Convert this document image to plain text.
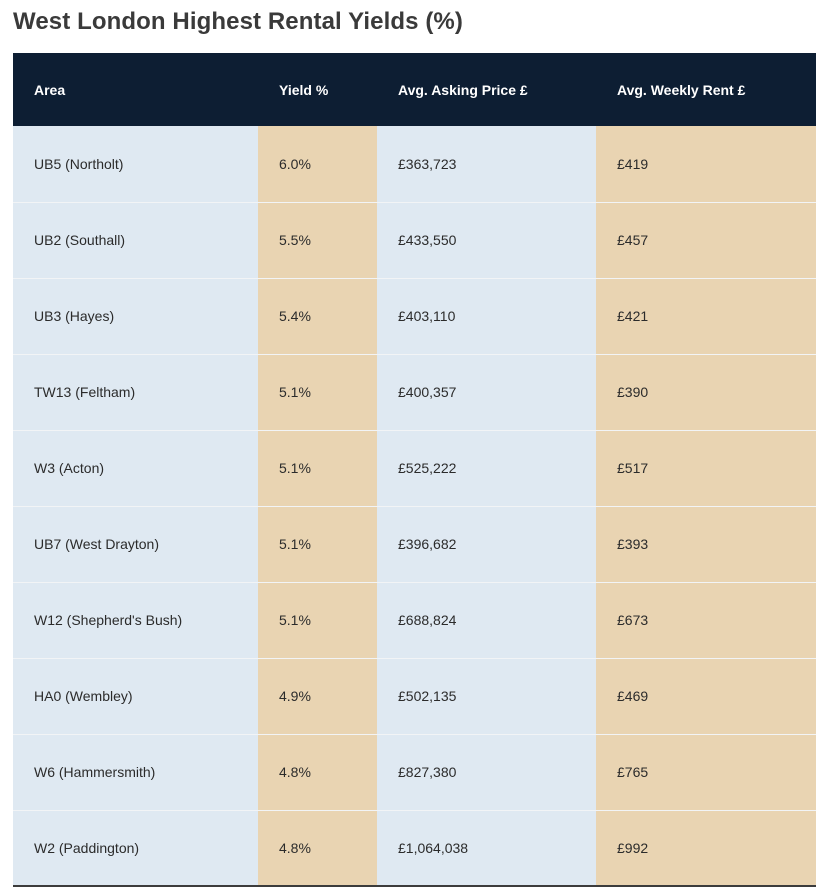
West London Highest Rental Yields (%)
Area	Yield %	Avg. Asking Price £	Avg. Weekly Rent £
UB5 (Northolt)	6.0%	£363,723	£419
UB2 (Southall)	5.5%	£433,550	£457
UB3 (Hayes)	5.4%	£403,110	£421
TW13 (Feltham)	5.1%	£400,357	£390
W3 (Acton)	5.1%	£525,222	£517
UB7 (West Drayton)	5.1%	£396,682	£393
W12 (Shepherd's Bush)	5.1%	£688,824	£673
HA0 (Wembley)	4.9%	£502,135	£469
W6 (Hammersmith)	4.8%	£827,380	£765
W2 (Paddington)	4.8%	£1,064,038	£992
